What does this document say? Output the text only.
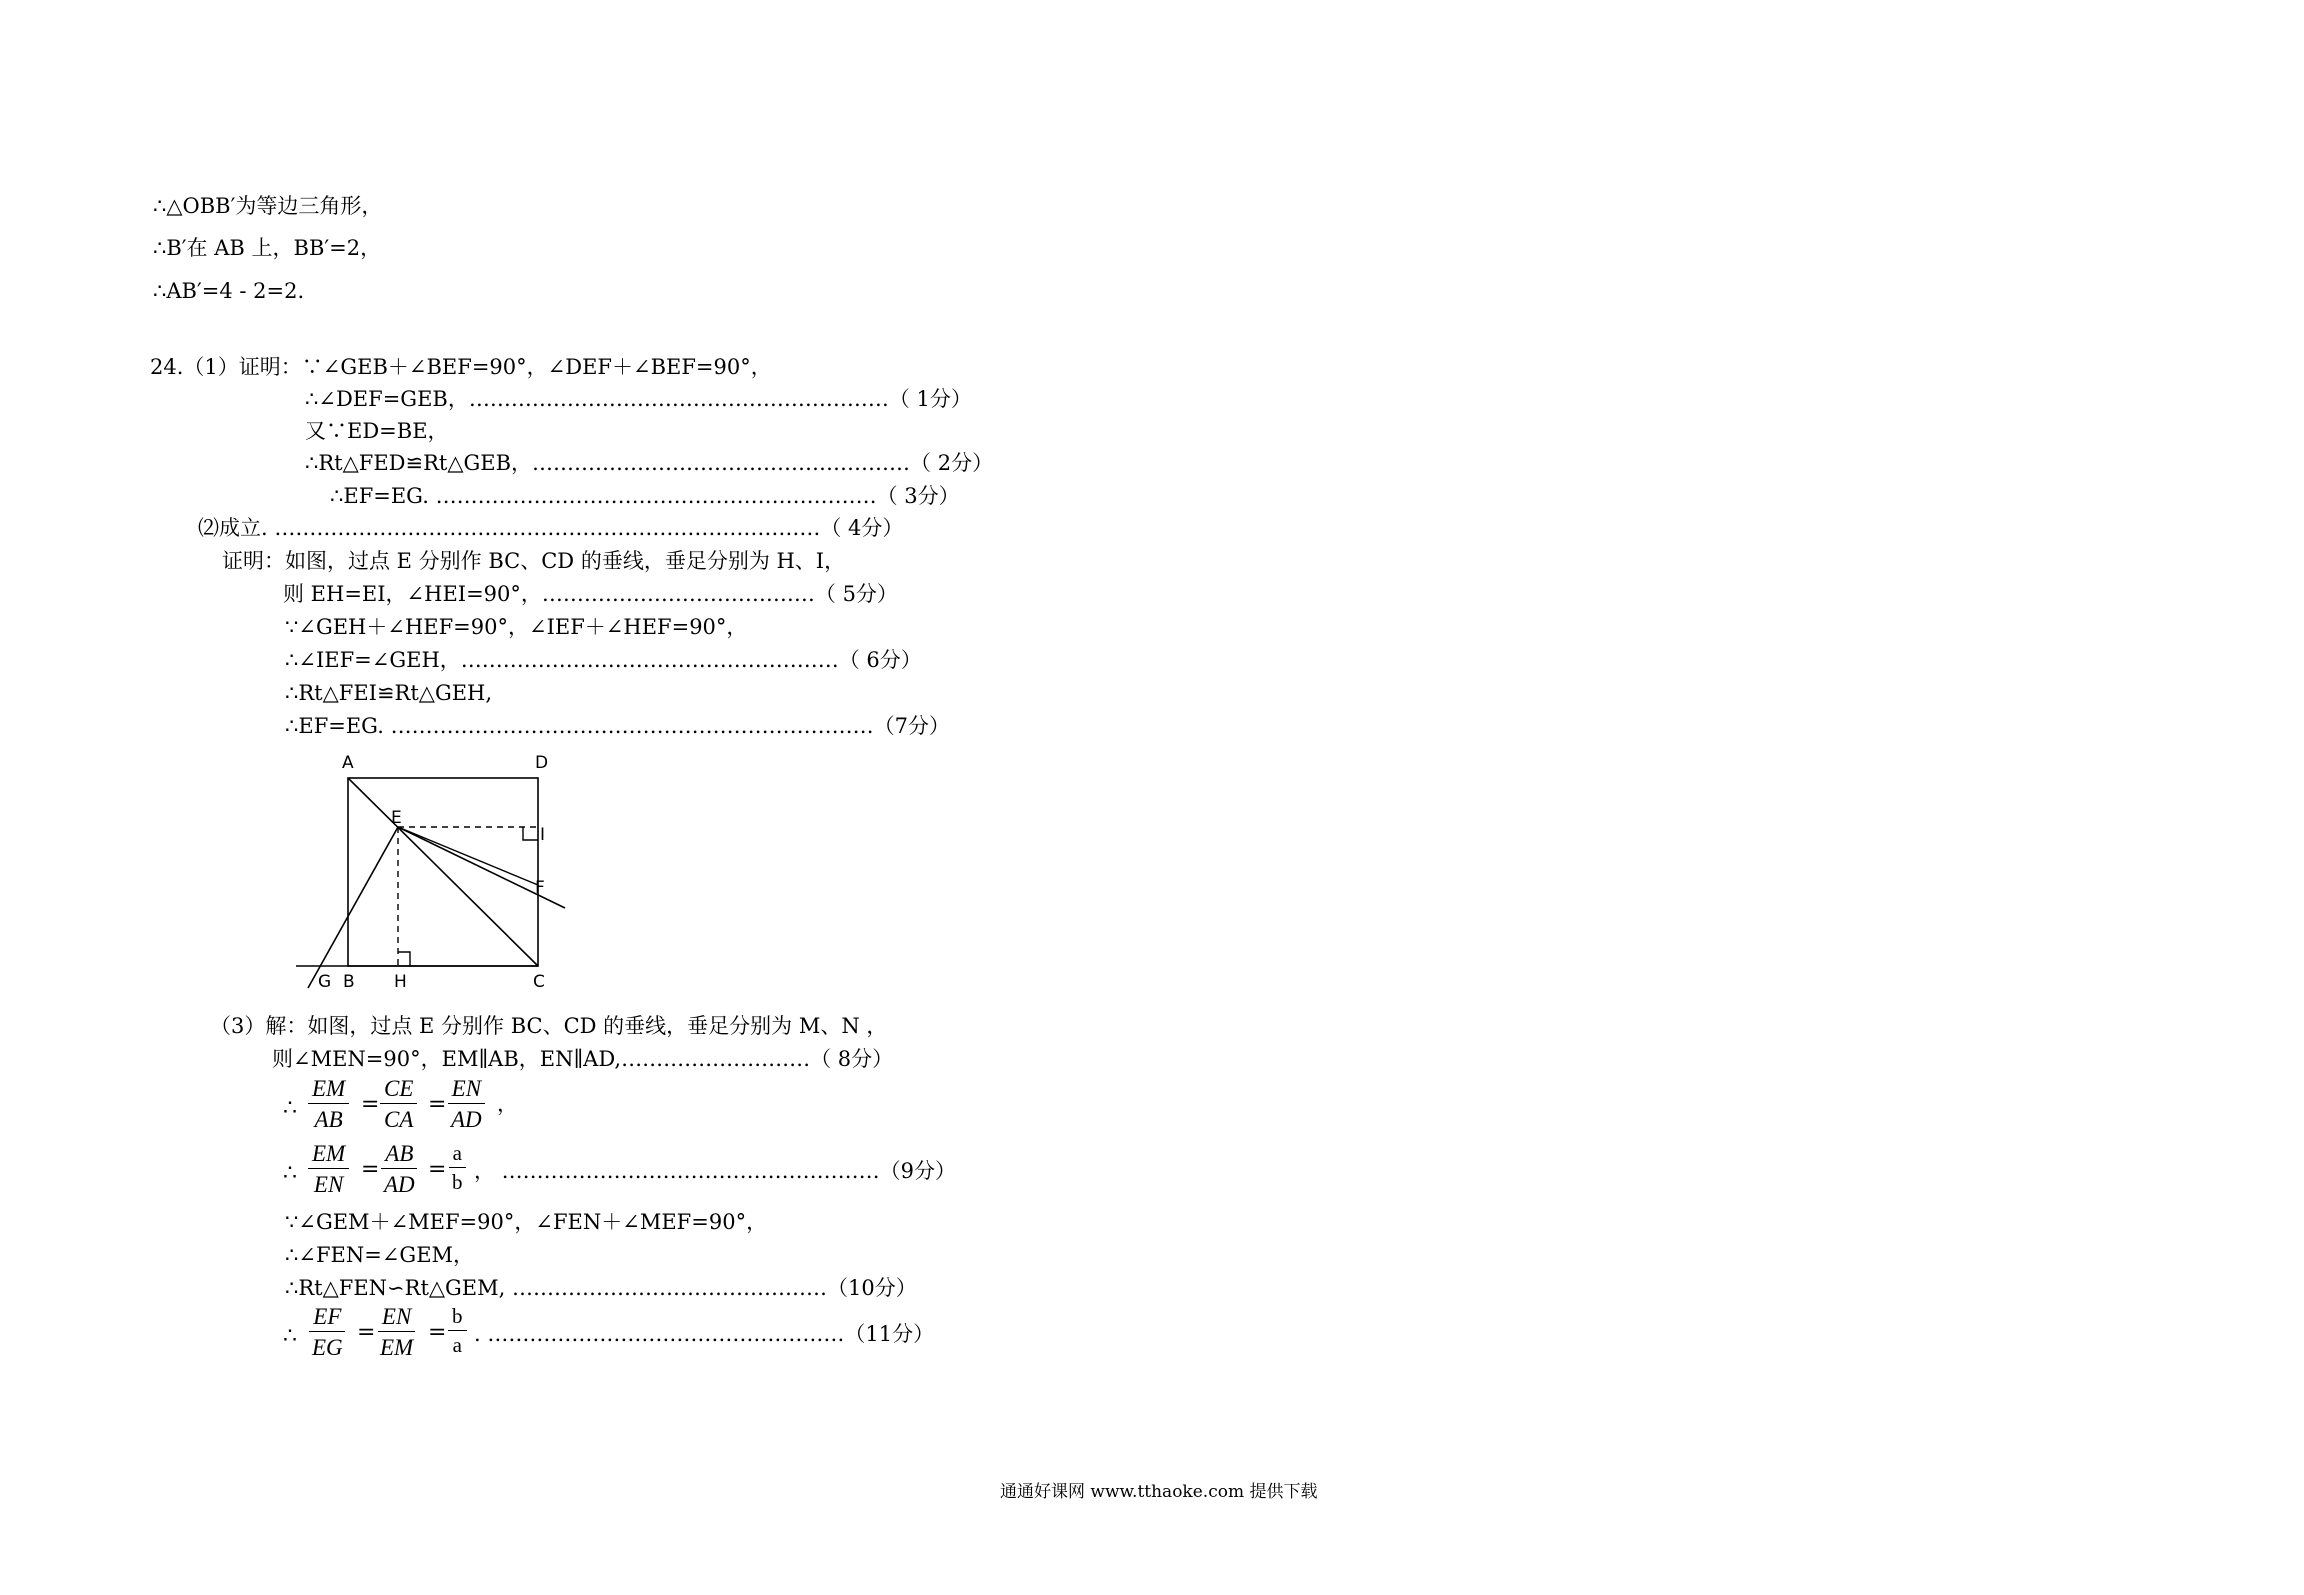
∴△OBB′为等边三角形，
∴B′在 AB 上，BB′=2，
∴AB′=4 - 2=2.
24.（1）证明：∵∠GEB＋∠BEF=90°，∠DEF＋∠BEF=90°，
∴∠DEF=GEB，……………………………………………………（ 1分）
又∵ED=BE，
∴Rt△FED≌Rt△GEB，………………………………………………（ 2分）
∴EF=EG. ………………………………………………………（ 3分）
⑵成立. ……………………………………………………………………（ 4分）
证明：如图，过点 E 分别作 BC、CD 的垂线，垂足分别为 H、I，
则 EH=EI，∠HEI=90°，…………………………………（ 5分）
∵∠GEH＋∠HEF=90°，∠IEF＋∠HEF=90°，
∴∠IEF=∠GEH，………………………………………………（ 6分）
∴Rt△FEI≌Rt△GEH,
∴EF=EG. ……………………………………………………………（7分）
A	D
E
I
F
G B H	C
（3）解：如图，过点 E 分别作 BC、CD 的垂线，垂足分别为 M、N ，
则∠MEN=90°，EM∥AB，EN∥AD,………………………（ 8分）
∴ $\frac{EM}{AB} = \frac{CE}{CA} = \frac{EN}{AD}$ ，
∴ $\frac{EM}{EN} = \frac{AB}{AD} = \frac{a}{b}$ ， ………………………………………………（9分）
∵∠GEM＋∠MEF=90°，∠FEN＋∠MEF=90°，
∴∠FEN=∠GEM，
∴Rt△FEN∽Rt△GEM, ………………………………………（10分）
∴ $\frac{EF}{EG} = \frac{EN}{EM} = \frac{b}{a}$ . ……………………………………………（11分）
通通好课网 www.tthaoke.com 提供下载
